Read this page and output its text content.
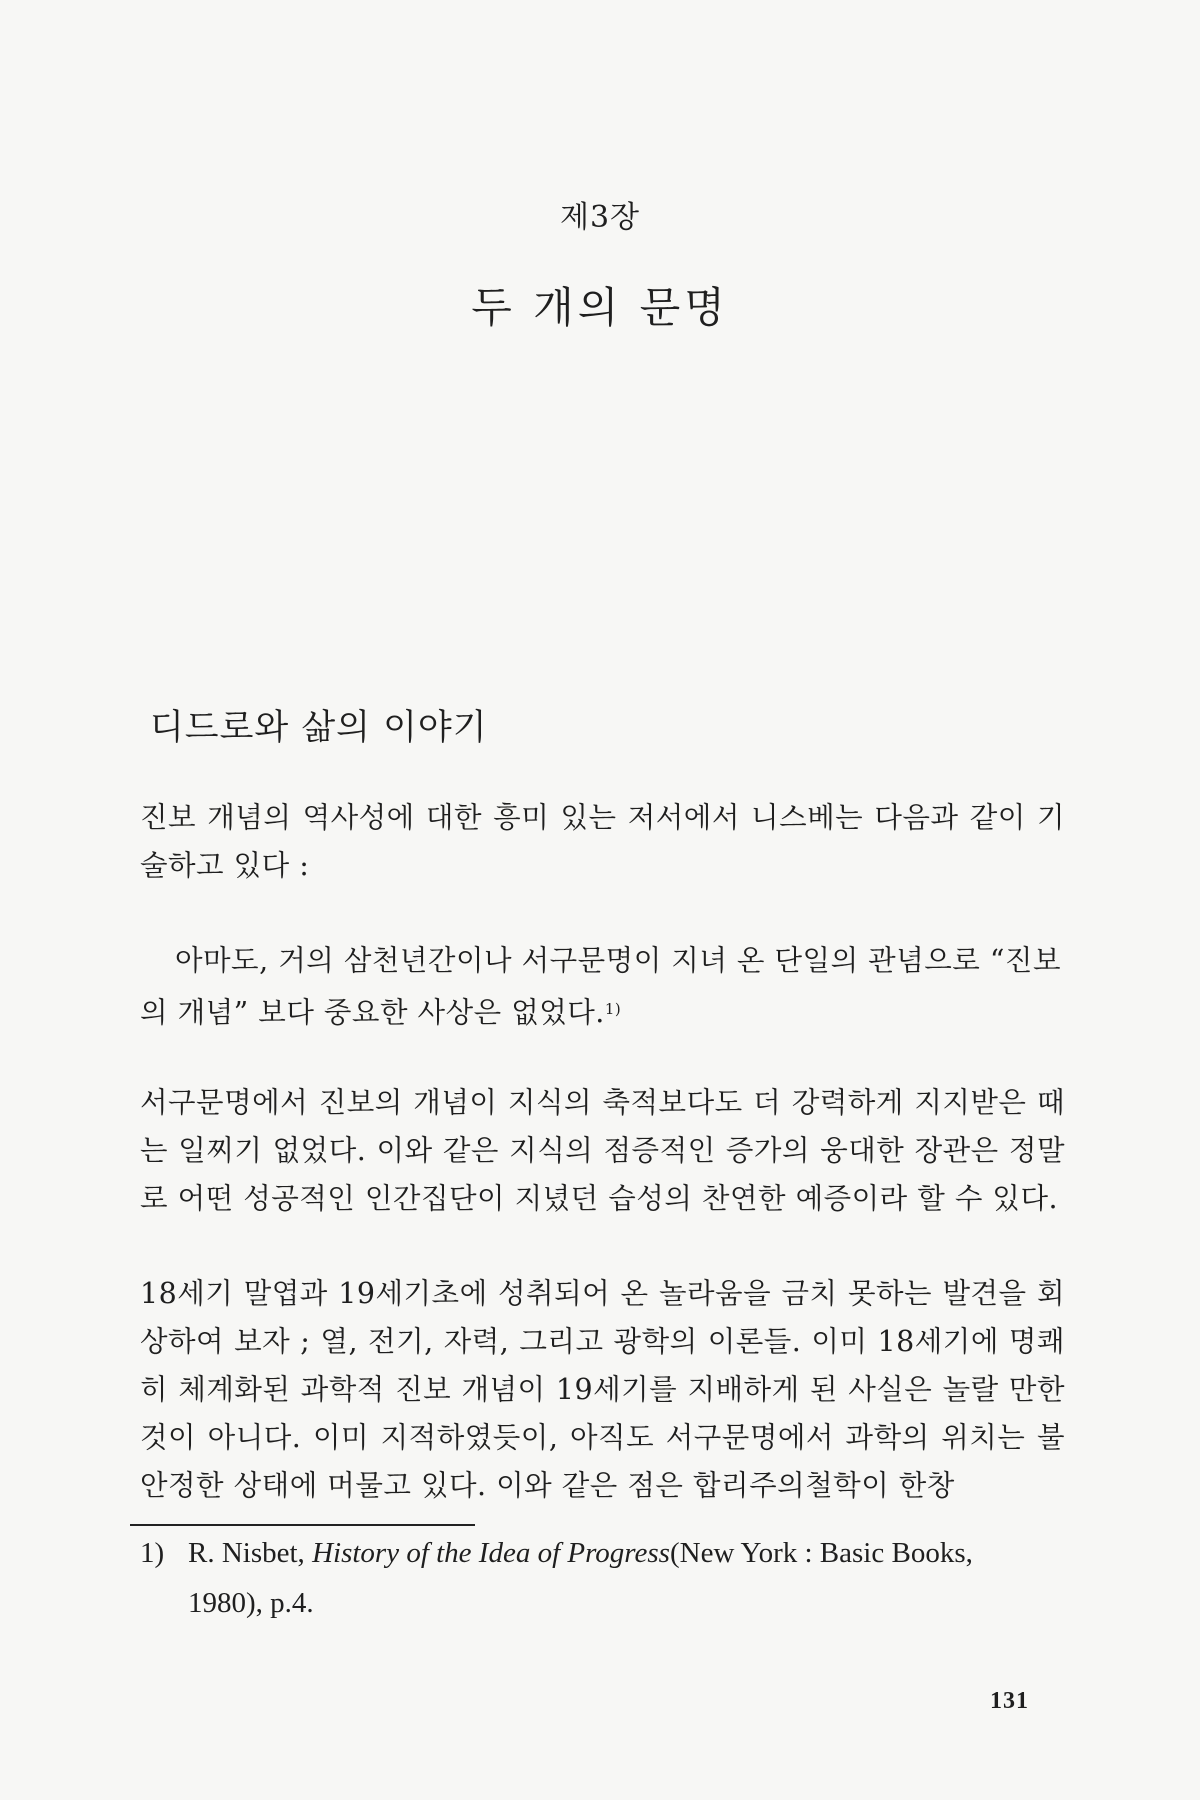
제3장
두 개의 문명
디드로와 삶의 이야기
진보 개념의 역사성에 대한 흥미 있는 저서에서 니스베는 다음과 같이 기술하고 있다 :
아마도, 거의 삼천년간이나 서구문명이 지녀 온 단일의 관념으로 “진보의 개념” 보다 중요한 사상은 없었다.$^{1)}$
서구문명에서 진보의 개념이 지식의 축적보다도 더 강력하게 지지받은 때는 일찌기 없었다. 이와 같은 지식의 점증적인 증가의 웅대한 장관은 정말로 어떤 성공적인 인간집단이 지녔던 습성의 찬연한 예증이라 할 수 있다.
18세기 말엽과 19세기초에 성취되어 온 놀라움을 금치 못하는 발견을 회상하여 보자 ; 열, 전기, 자력, 그리고 광학의 이론들. 이미 18세기에 명쾌히 체계화된 과학적 진보 개념이 19세기를 지배하게 된 사실은 놀랄 만한 것이 아니다. 이미 지적하였듯이, 아직도 서구문명에서 과학의 위치는 불안정한 상태에 머물고 있다. 이와 같은 점은 합리주의철학이 한창
1) R. Nisbet, History of the Idea of Progress(New York : Basic Books,
1980), p.4.
131
